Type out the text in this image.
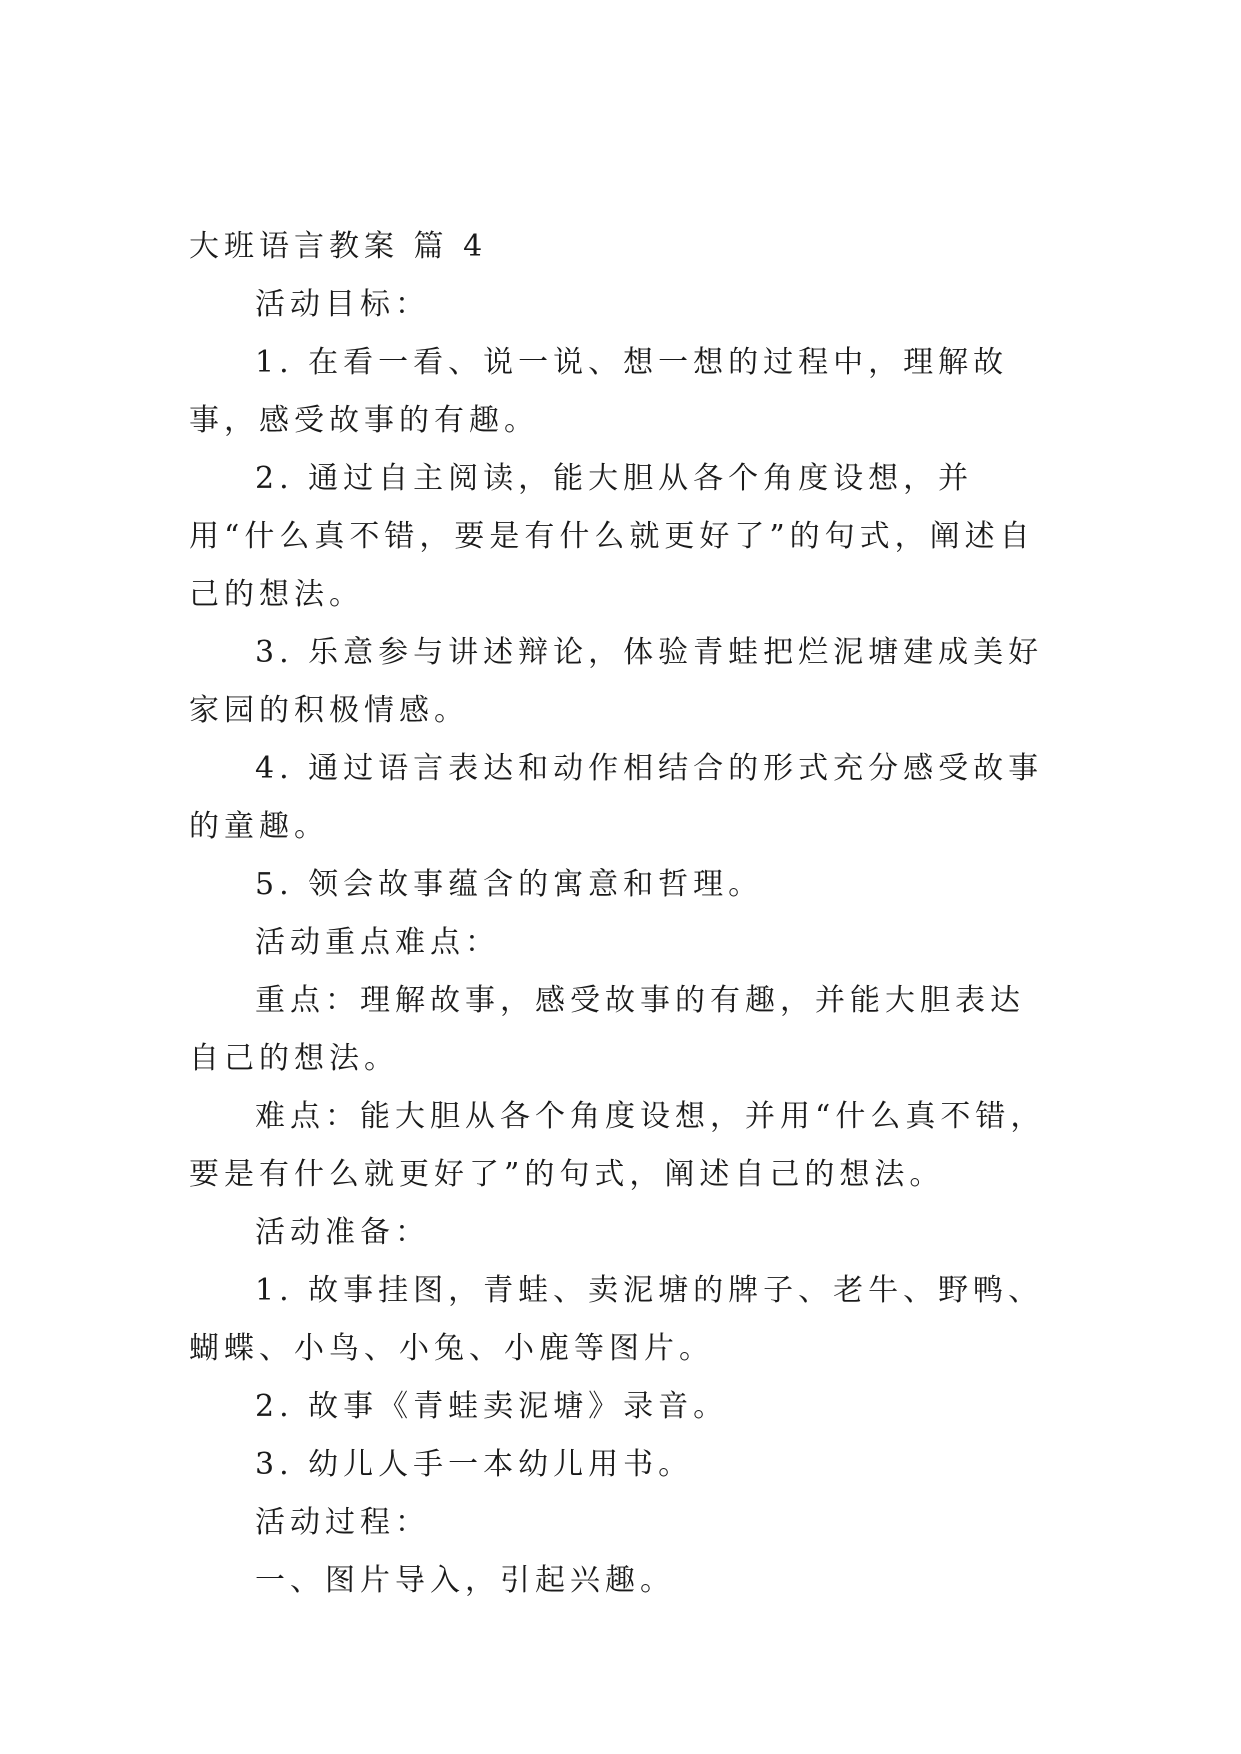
大班语言教案 篇 4

活动目标：

1. 在看一看、说一说、想一想的过程中，理解故事，感受故事的有趣。

2. 通过自主阅读，能大胆从各个角度设想，并用“什么真不错，要是有什么就更好了”的句式，阐述自己的想法。

3. 乐意参与讲述辩论，体验青蛙把烂泥塘建成美好家园的积极情感。

4. 通过语言表达和动作相结合的形式充分感受故事的童趣。

5. 领会故事蕴含的寓意和哲理。

活动重点难点：

重点：理解故事，感受故事的有趣，并能大胆表达自己的想法。

难点：能大胆从各个角度设想，并用“什么真不错，要是有什么就更好了”的句式，阐述自己的想法。

活动准备：

1. 故事挂图，青蛙、卖泥塘的牌子、老牛、野鸭、蝴蝶、小鸟、小兔、小鹿等图片。

2. 故事《青蛙卖泥塘》录音。

3. 幼儿人手一本幼儿用书。

活动过程：

一、图片导入，引起兴趣。
